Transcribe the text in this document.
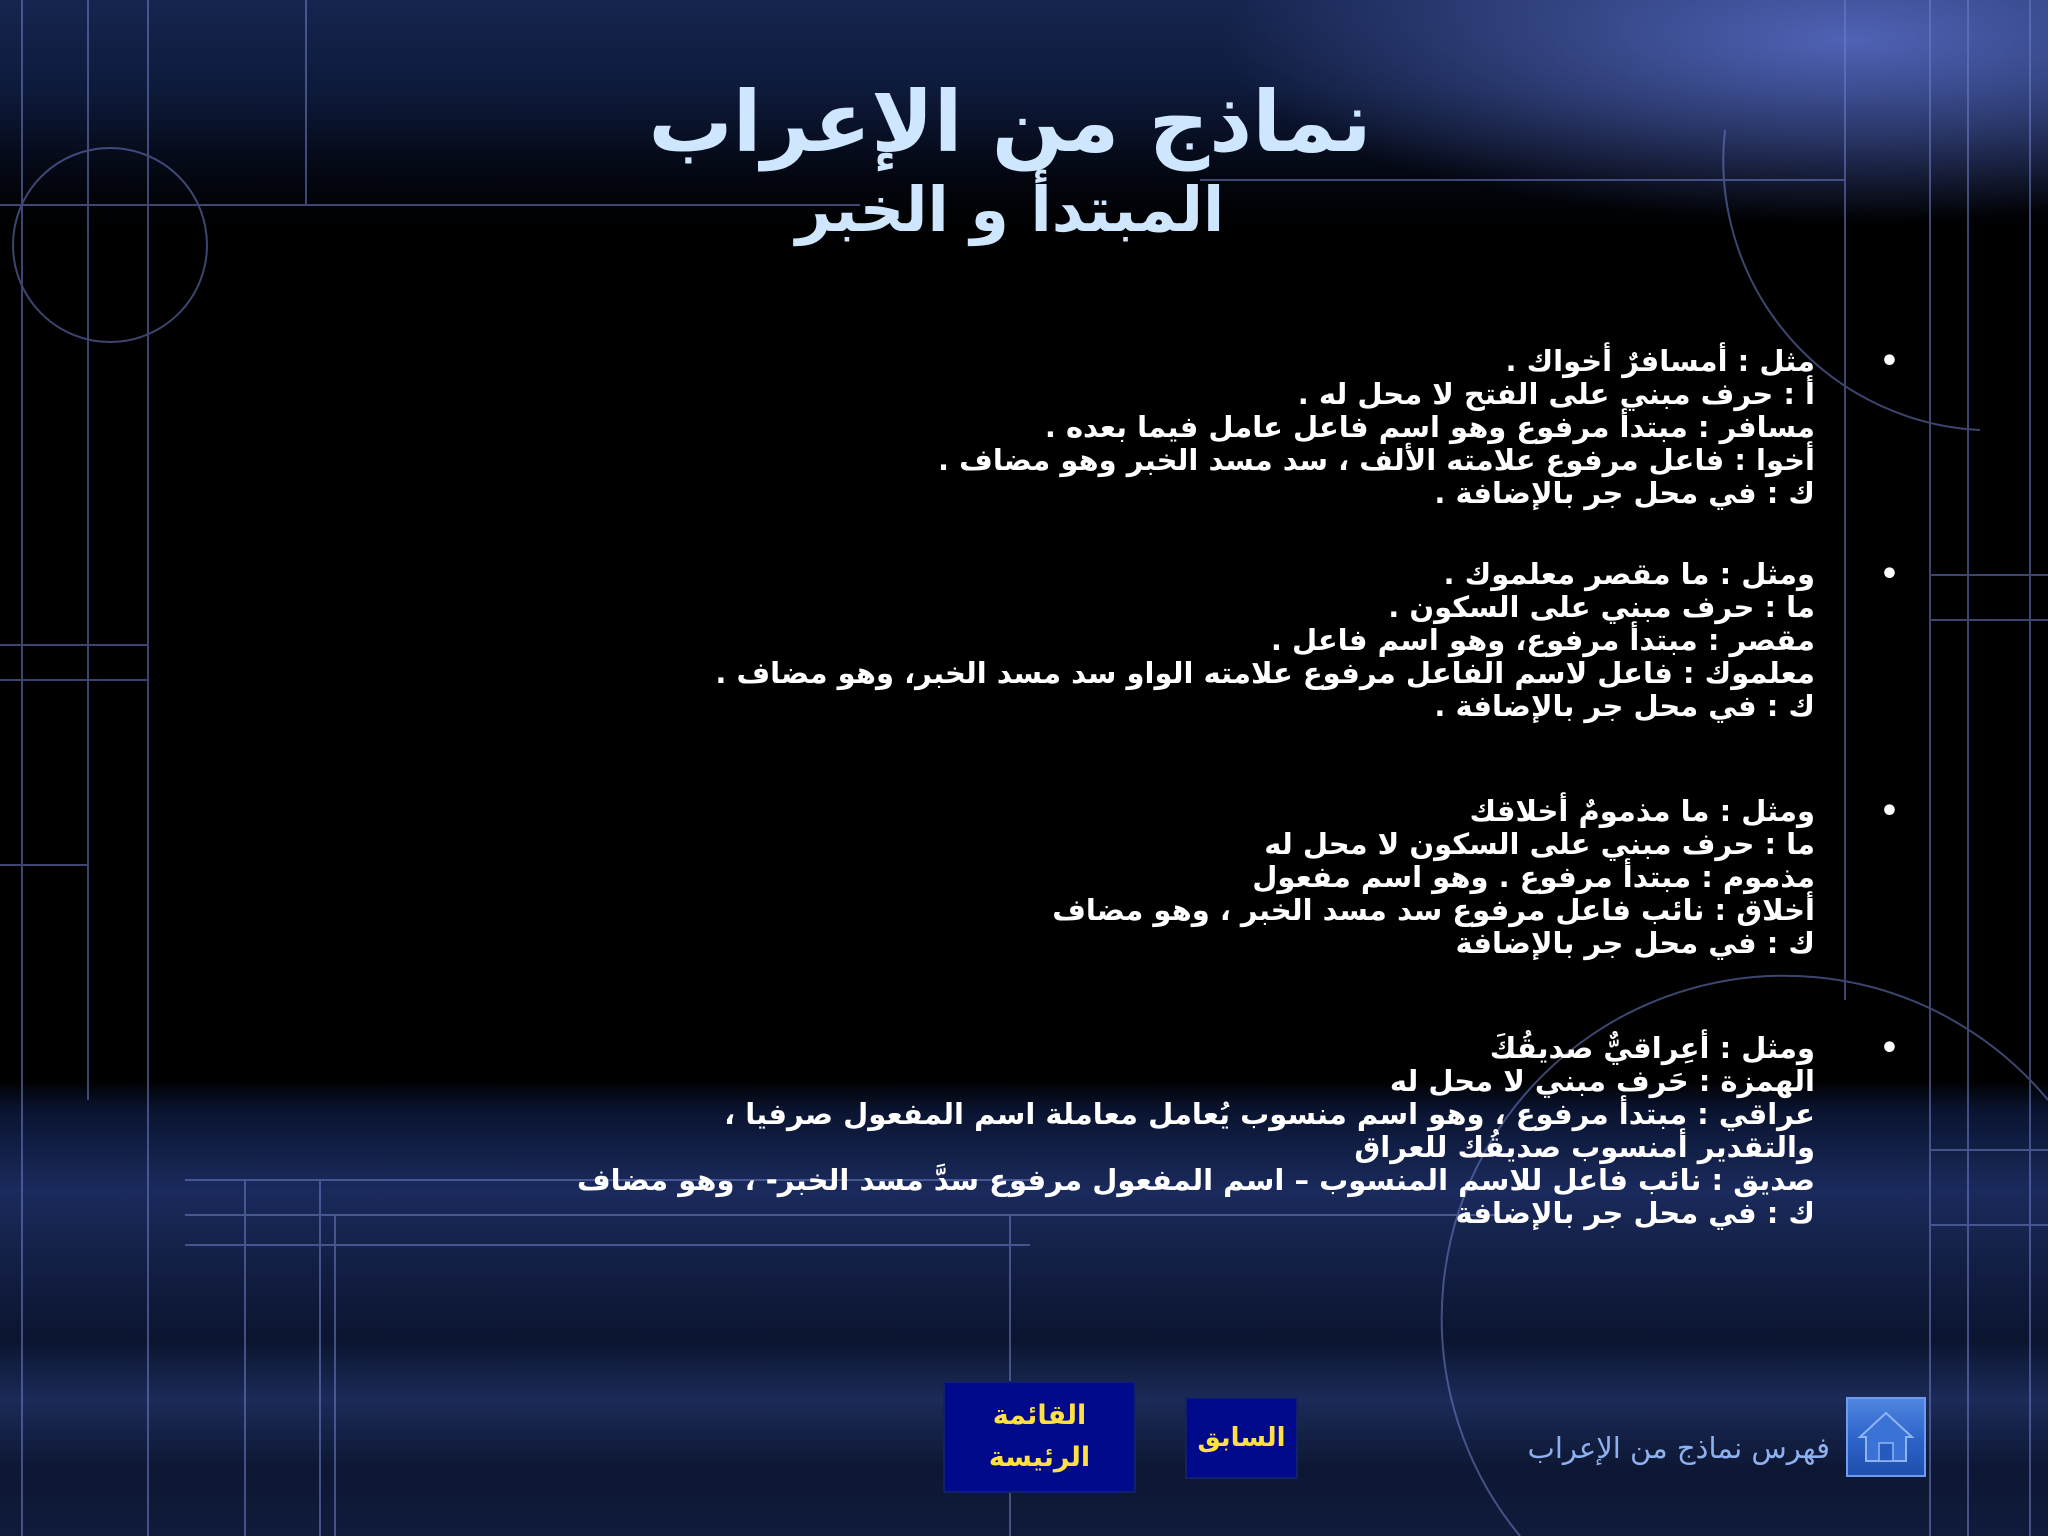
نماذج من الإعراب

المبتدأ و الخبر

•
مثل : أمسافرٌ أخواك .
أ : حرف مبني على الفتح لا محل له .
مسافر : مبتدأ مرفوع وهو اسم فاعل عامل فيما بعده .
أخوا : فاعل مرفوع علامته الألف ، سد مسد الخبر وهو مضاف .
ك : في محل جر بالإضافة .
•
ومثل : ما مقصر معلموك .
ما : حرف مبني على السكون .
مقصر : مبتدأ مرفوع، وهو اسم فاعل .
معلموك : فاعل لاسم الفاعل مرفوع علامته الواو سد مسد الخبر، وهو مضاف .
ك : في محل جر بالإضافة .
•
ومثل : ما مذمومٌ أخلاقك
ما : حرف مبني على السكون لا محل له
مذموم : مبتدأ مرفوع . وهو اسم مفعول
أخلاق : نائب فاعل مرفوع سد مسد الخبر ، وهو مضاف
ك : في محل جر بالإضافة
•
ومثل : أعِراقيٌّ صديقُكَ
الهمزة : حَرف مبني لا محل له
عراقي : مبتدأ مرفوع ، وهو اسم منسوب يُعامل معاملة اسم المفعول صرفيا ،
والتقدير أمنسوب صديقُك للعراق
صديق : نائب فاعل للاسم المنسوب – اسم المفعول مرفوع سدَّ مسد الخبر- ، وهو مضاف
ك : في محل جر بالإضافة
القائمة
الرئيسة
السابق	فهرس نماذج من الإعراب
